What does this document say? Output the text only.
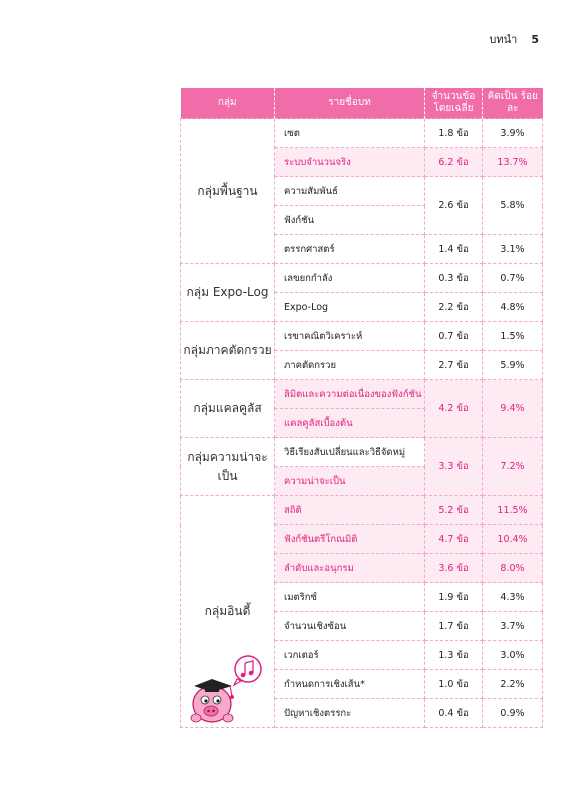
บทนำ 5
กลุ่ม	รายชื่อบท	จำนวนข้อ โดยเฉลี่ย	คิดเป็น ร้อยละ
กลุ่มพื้นฐาน	เซต	1.8 ข้อ	3.9%
	ระบบจำนวนจริง	6.2 ข้อ	13.7%
	ความสัมพันธ์	2.6 ข้อ	5.8%
	ฟังก์ชัน		
	ตรรกศาสตร์	1.4 ข้อ	3.1%
กลุ่ม Expo-Log	เลขยกกำลัง	0.3 ข้อ	0.7%
	Expo-Log	2.2 ข้อ	4.8%
กลุ่มภาคตัดกรวย	เรขาคณิตวิเคราะห์	0.7 ข้อ	1.5%
	ภาคตัดกรวย	2.7 ข้อ	5.9%
กลุ่มแคลคูลัส	ลิมิตและความต่อเนื่องของฟังก์ชัน	4.2 ข้อ	9.4%
	แคลคูลัสเบื้องต้น		
กลุ่มความน่าจะเป็น	วิธีเรียงสับเปลี่ยนและวิธีจัดหมู่	3.3 ข้อ	7.2%
	ความน่าจะเป็น		
กลุ่มอินดี้	สถิติ	5.2 ข้อ	11.5%
	ฟังก์ชันตรีโกณมิติ	4.7 ข้อ	10.4%
	ลำดับและอนุกรม	3.6 ข้อ	8.0%
	เมตริกซ์	1.9 ข้อ	4.3%
	จำนวนเชิงซ้อน	1.7 ข้อ	3.7%
	เวกเตอร์	1.3 ข้อ	3.0%
	กำหนดการเชิงเส้น*	1.0 ข้อ	2.2%
	ปัญหาเชิงตรรกะ	0.4 ข้อ	0.9%
